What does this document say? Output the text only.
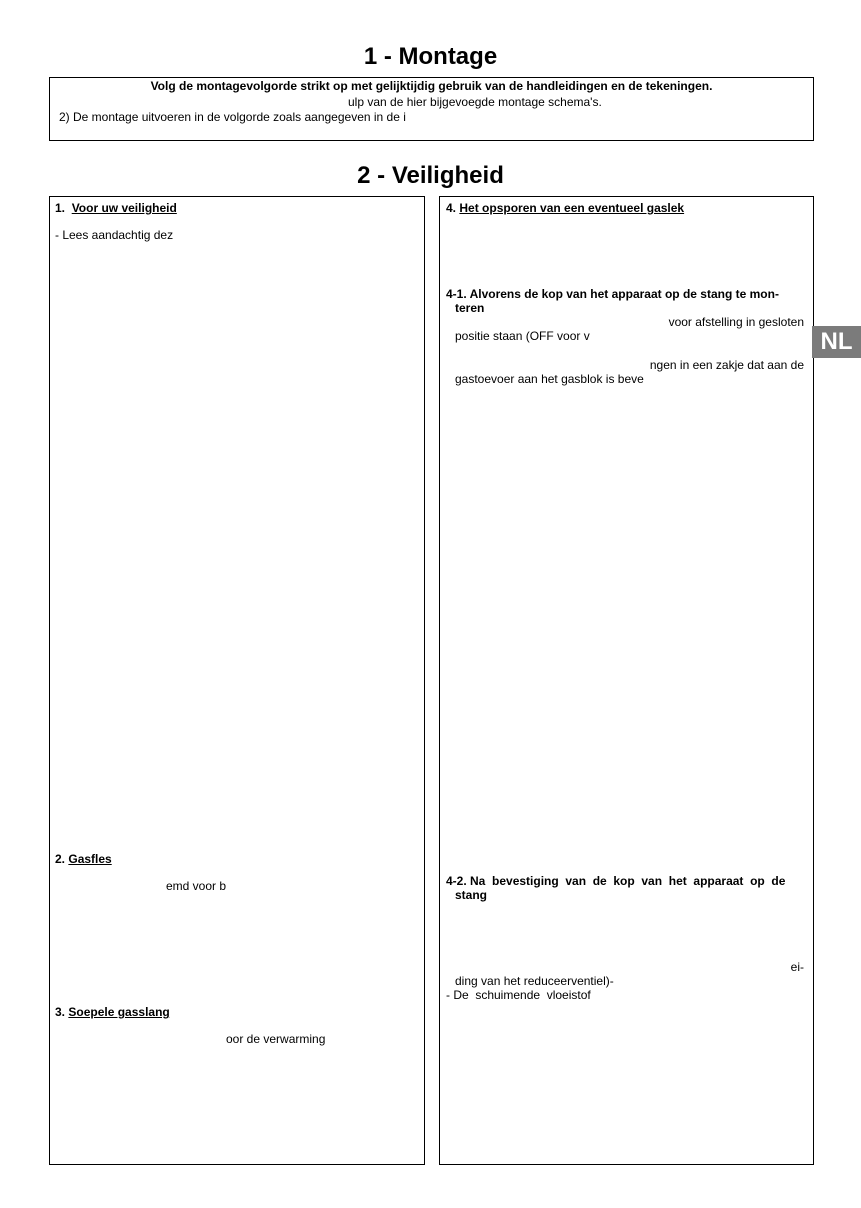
1 - Montage
Volg de montagevolgorde strikt op met gelijktijdig gebruik van de handleidingen en de tekeningen.
ulp van de hier bijgevoegde montage schema's.
2) De montage uitvoeren in de volgorde zoals aangegeven in de i
2 - Veiligheid
1. Voor uw veiligheid
- Lees aandachtig dez
2. Gasfles
emd voor b
3. Soepele gasslang
oor de verwarming
4. Het opsporen van een eventueel gaslek
4-1. Alvorens de kop van het apparaat op de stang te mon-
teren
voor afstelling in gesloten
positie staan (OFF voor v
ngen in een zakje dat aan de
gastoevoer aan het gasblok is beve
4-2. Na  bevestiging  van  de  kop  van  het  apparaat  op  de
stang
ei-
ding van het reduceerventiel)-
- De  schuimende  vloeistof
NL
